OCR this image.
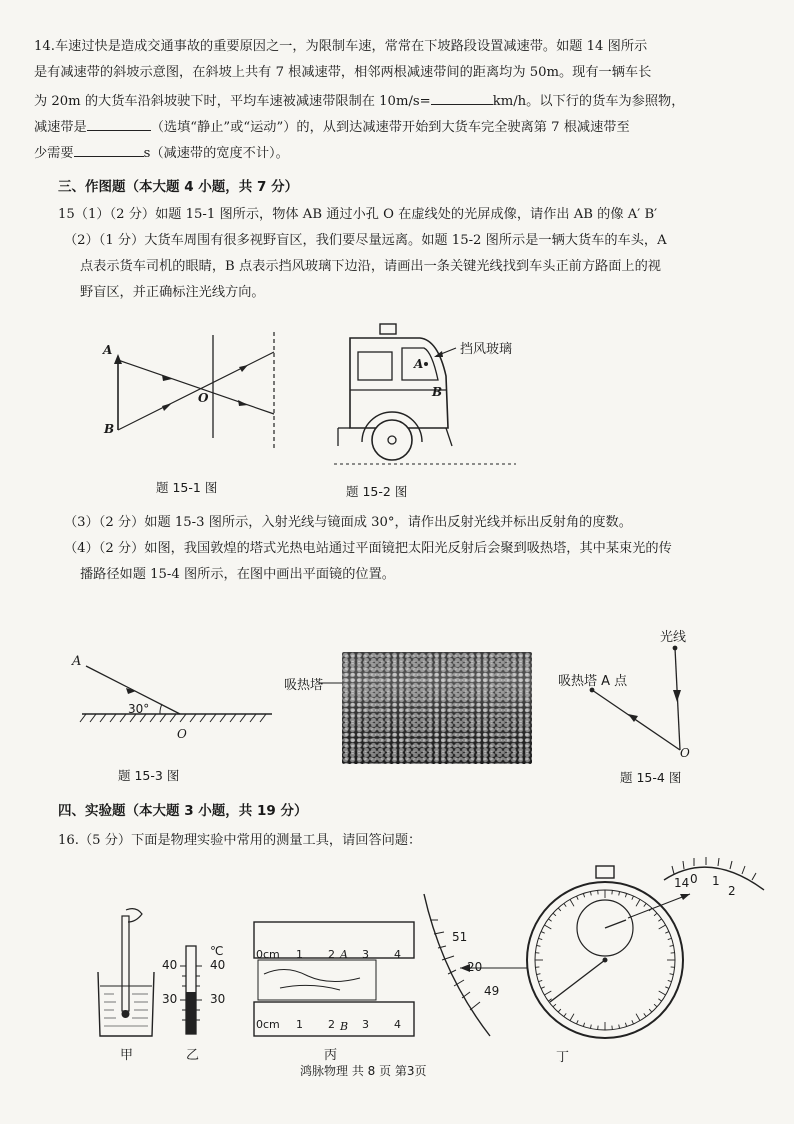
14.车速过快是造成交通事故的重要原因之一，为限制车速，常常在下坡路段设置减速带。如题 14 图所示
是有减速带的斜坡示意图，在斜坡上共有 7 根减速带，相邻两根减速带间的距离均为 50m。现有一辆车长
为 20m 的大货车沿斜坡驶下时，平均车速被减速带限制在 10m/s=	km/h。以下行的货车为参照物，
减速带是	（选填“静止”或“运动”）的，从到达减速带开始到大货车完全驶离第 7 根减速带至
少需要	s（减速带的宽度不计）。
三、作图题（本大题 4 小题，共 7 分）
15（1）（2 分）如题 15-1 图所示，物体 AB 通过小孔 O 在虚线处的光屏成像，请作出 AB 的像 A′ B′
（2）（1 分）大货车周围有很多视野盲区，我们要尽量远离。如题 15-2 图所示是一辆大货车的车头，A
点表示货车司机的眼睛，B 点表示挡风玻璃下边沿，请画出一条关键光线找到车头正前方路面上的视
野盲区，并正确标注光线方向。
A
B
O
题 15-1 图
挡风玻璃
A
B
题 15-2 图
（3）（2 分）如题 15-3 图所示，入射光线与镜面成 30°，请作出反射光线并标出反射角的度数。
（4）（2 分）如图，我国敦煌的塔式光热电站通过平面镜把太阳光反射后会聚到吸热塔，其中某束光的传
播路径如题 15-4 图所示，在图中画出平面镜的位置。
A
30°
O
题 15-3 图
吸热塔
光线
吸热塔 A 点
O
题 15-4 图
四、实验题（本大题 3 小题，共 19 分）
16.（5 分）下面是物理实验中常用的测量工具，请回答问题：
甲
℃
40	40
30	30
乙
0cm 1 2 A 3 4
0cm 1 2 B 3 4
丙
51
20
49
14 0 1
2
丁
鸿脉物理 共 8 页 第3页
